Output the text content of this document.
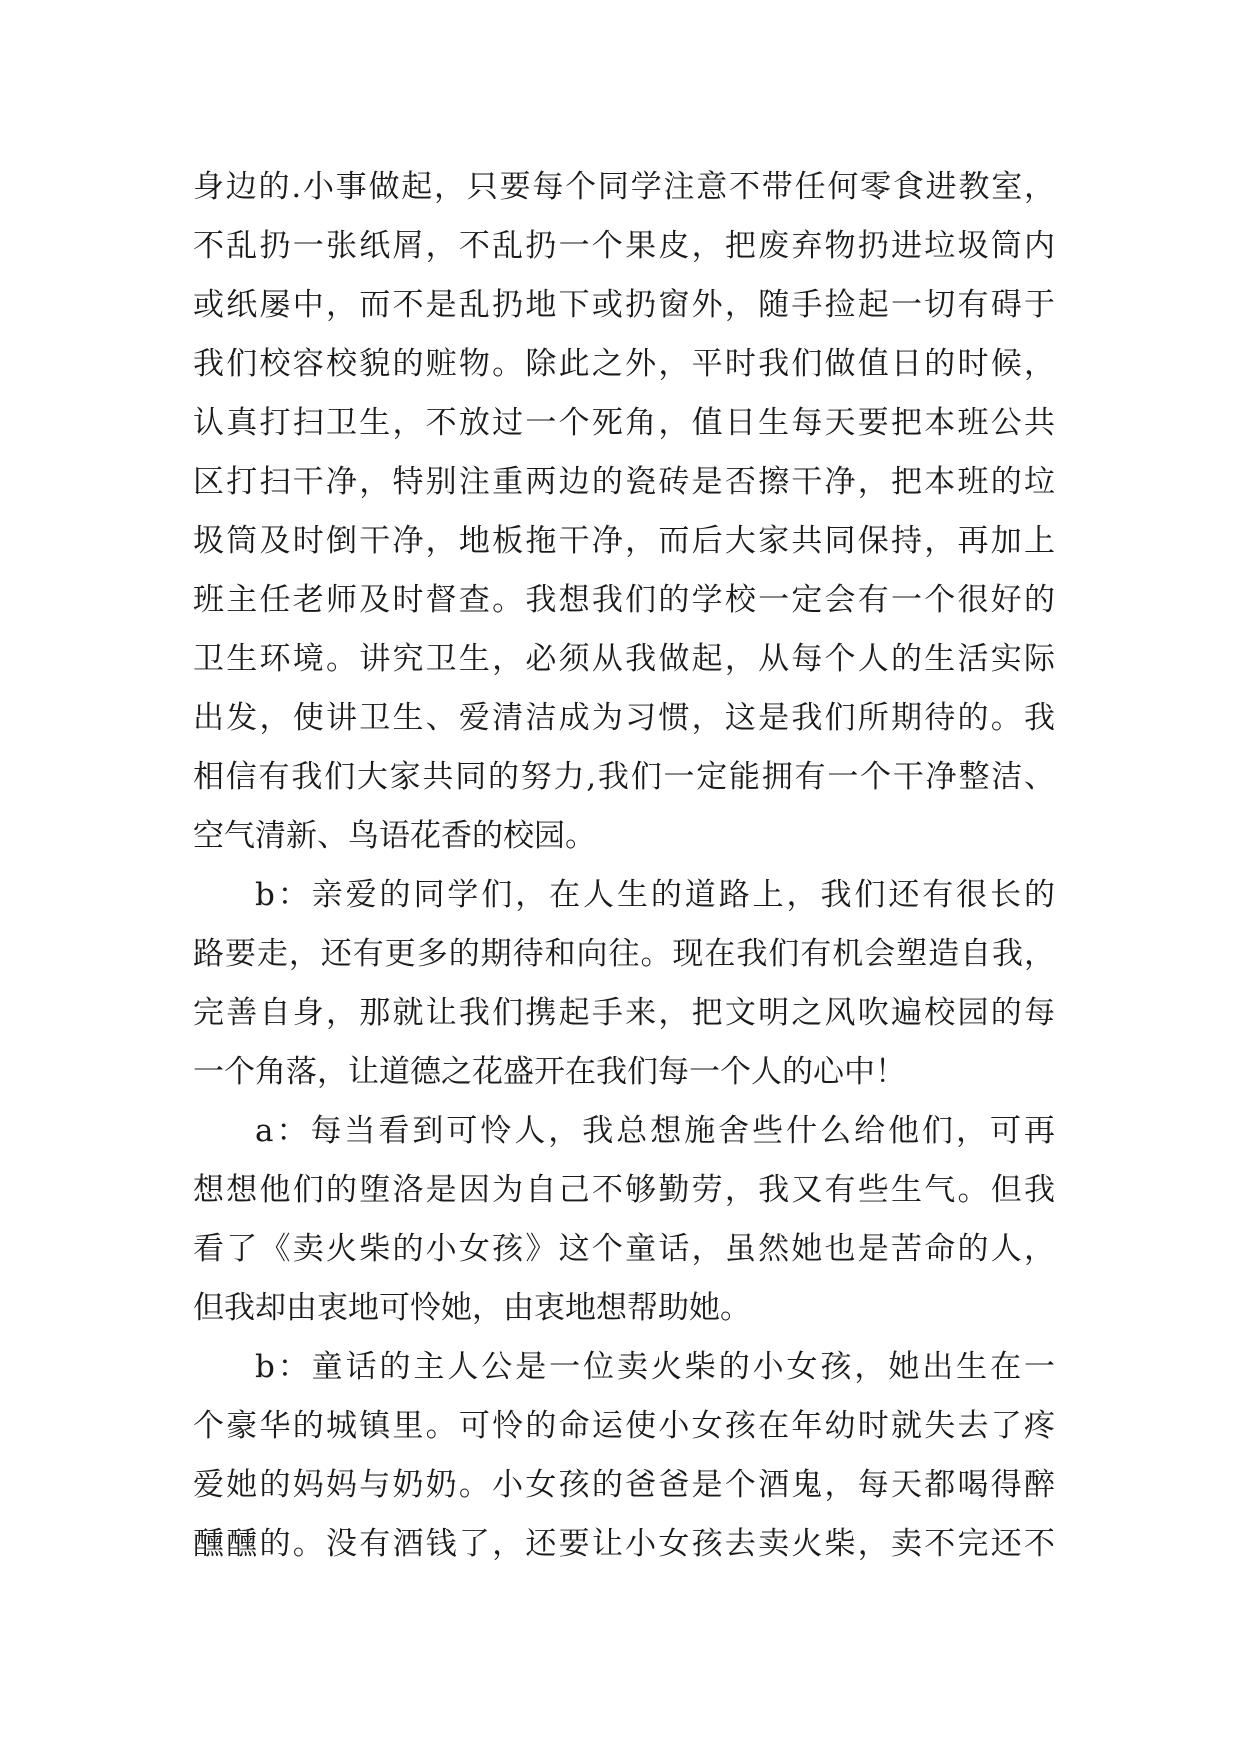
身边的.小事做起，只要每个同学注意不带任何零食进教室，
不乱扔一张纸屑，不乱扔一个果皮，把废弃物扔进垃圾筒内
或纸屡中，而不是乱扔地下或扔窗外，随手捡起一切有碍于
我们校容校貌的赃物。除此之外，平时我们做值日的时候，
认真打扫卫生，不放过一个死角，值日生每天要把本班公共
区打扫干净，特别注重两边的瓷砖是否擦干净，把本班的垃
圾筒及时倒干净，地板拖干净，而后大家共同保持，再加上
班主任老师及时督查。我想我们的学校一定会有一个很好的
卫生环境。讲究卫生，必须从我做起，从每个人的生活实际
出发，使讲卫生、爱清洁成为习惯，这是我们所期待的。我
相信有我们大家共同的努力,我们一定能拥有一个干净整洁、
空气清新、鸟语花香的校园。
b：亲爱的同学们，在人生的道路上，我们还有很长的
路要走，还有更多的期待和向往。现在我们有机会塑造自我，
完善自身，那就让我们携起手来，把文明之风吹遍校园的每
一个角落，让道德之花盛开在我们每一个人的心中！
a：每当看到可怜人，我总想施舍些什么给他们，可再
想想他们的堕洛是因为自己不够勤劳，我又有些生气。但我
看了《卖火柴的小女孩》这个童话，虽然她也是苦命的人，
但我却由衷地可怜她，由衷地想帮助她。
b：童话的主人公是一位卖火柴的小女孩，她出生在一
个豪华的城镇里。可怜的命运使小女孩在年幼时就失去了疼
爱她的妈妈与奶奶。小女孩的爸爸是个酒鬼，每天都喝得醉
醺醺的。没有酒钱了，还要让小女孩去卖火柴，卖不完还不
